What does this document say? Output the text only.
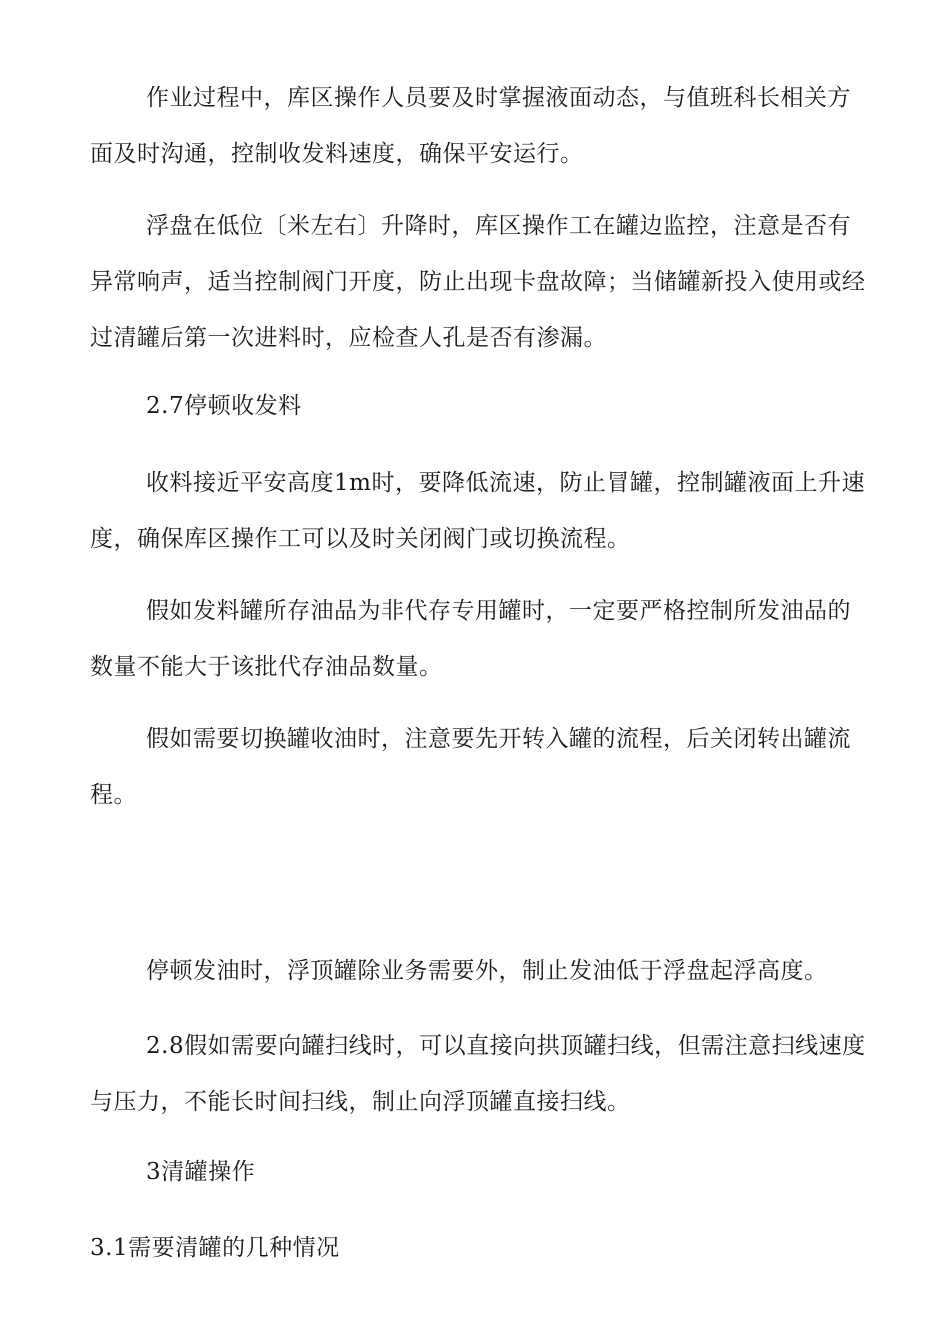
作业过程中，库区操作人员要及时掌握液面动态，与值班科长相关方面及时沟通，控制收发料速度，确保平安运行。

浮盘在低位〔米左右〕升降时，库区操作工在罐边监控，注意是否有异常响声，适当控制阀门开度，防止出现卡盘故障；当储罐新投入使用或经过清罐后第一次进料时，应检查人孔是否有渗漏。

2.7停顿收发料

收料接近平安高度1m时，要降低流速，防止冒罐，控制罐液面上升速度，确保库区操作工可以及时关闭阀门或切换流程。

假如发料罐所存油品为非代存专用罐时，一定要严格控制所发油品的数量不能大于该批代存油品数量。

假如需要切换罐收油时，注意要先开转入罐的流程，后关闭转出罐流程。

停顿发油时，浮顶罐除业务需要外，制止发油低于浮盘起浮高度。

2.8假如需要向罐扫线时，可以直接向拱顶罐扫线，但需注意扫线速度与压力，不能长时间扫线，制止向浮顶罐直接扫线。

3清罐操作

3.1需要清罐的几种情况
